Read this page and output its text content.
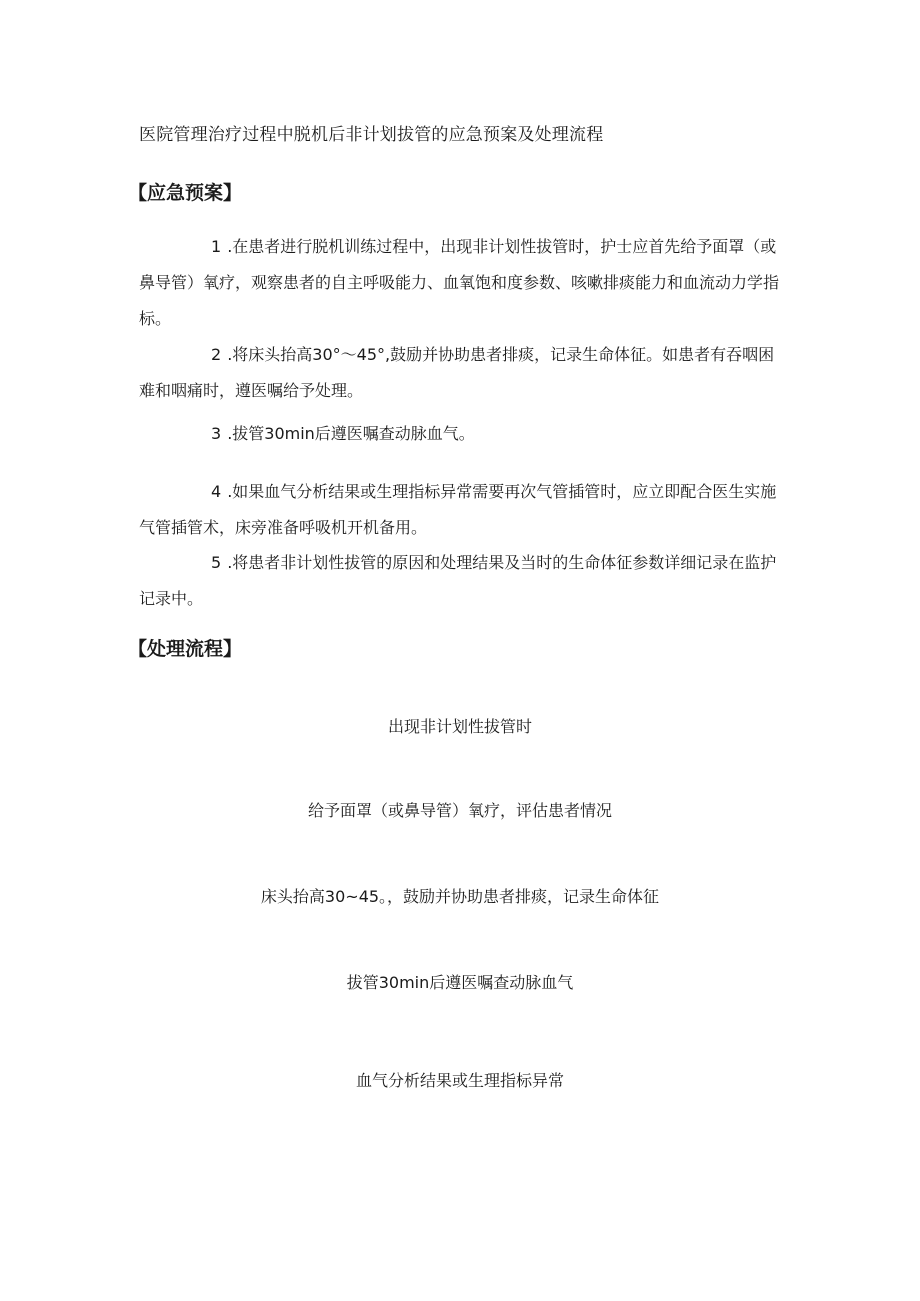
医院管理治疗过程中脱机后非计划拔管的应急预案及处理流程
【应急预案】
1 .在患者进行脱机训练过程中，出现非计划性拔管时，护士应首先给予面罩（或鼻导管）氧疗，观察患者的自主呼吸能力、血氧饱和度参数、咳嗽排痰能力和血流动力学指标。
2 .将床头抬高30°～45°,鼓励并协助患者排痰，记录生命体征。如患者有吞咽困难和咽痛时，遵医嘱给予处理。
3 .拔管30min后遵医嘱查动脉血气。
4 .如果血气分析结果或生理指标异常需要再次气管插管时，应立即配合医生实施气管插管术，床旁准备呼吸机开机备用。
5 .将患者非计划性拔管的原因和处理结果及当时的生命体征参数详细记录在监护记录中。
【处理流程】
出现非计划性拔管时
给予面罩（或鼻导管）氧疗，评估患者情况
床头抬高30~45。，鼓励并协助患者排痰，记录生命体征
拔管30min后遵医嘱查动脉血气
血气分析结果或生理指标异常
